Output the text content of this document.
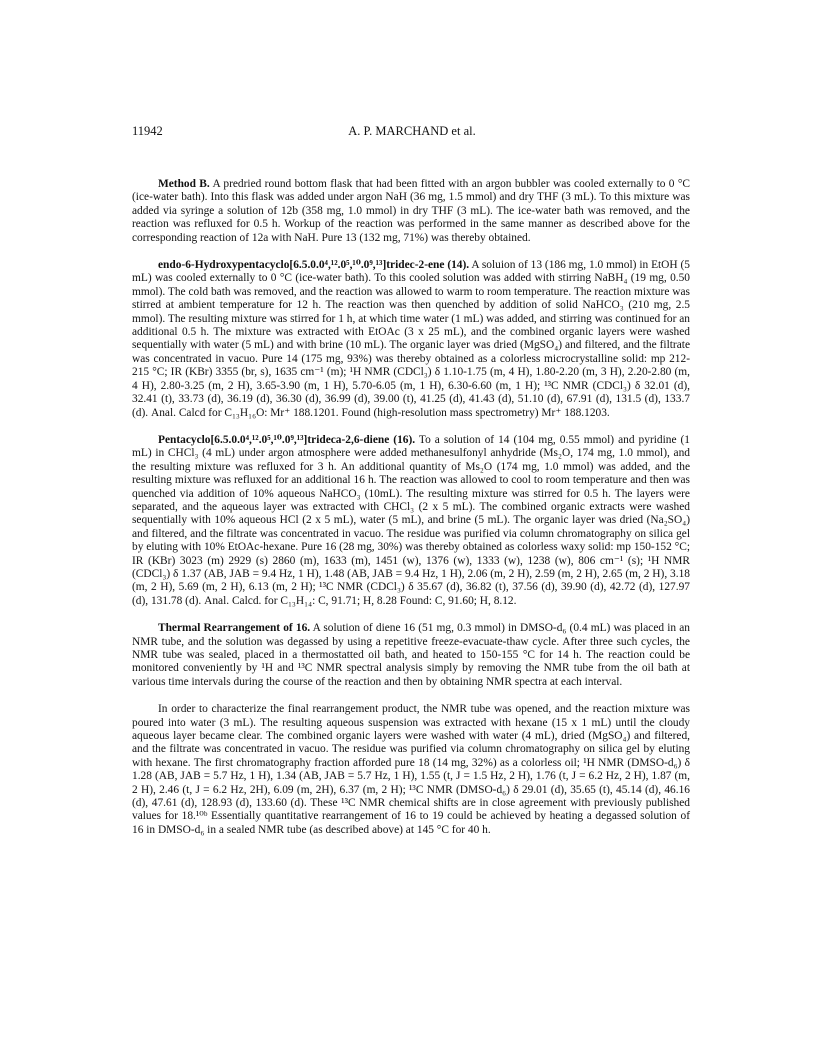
11942	A. P. MARCHAND et al.

Method B. A predried round bottom flask that had been fitted with an argon bubbler was cooled externally to 0 °C (ice-water bath). Into this flask was added under argon NaH (36 mg, 1.5 mmol) and dry THF (3 mL). To this mixture was added via syringe a solution of 12b (358 mg, 1.0 mmol) in dry THF (3 mL). The ice-water bath was removed, and the reaction was refluxed for 0.5 h. Workup of the reaction was performed in the same manner as described above for the corresponding reaction of 12a with NaH. Pure 13 (132 mg, 71%) was thereby obtained.

endo-6-Hydroxypentacyclo[6.5.0.0⁴,¹².0⁵,¹⁰.0⁹,¹³]tridec-2-ene (14). A soluion of 13 (186 mg, 1.0 mmol) in EtOH (5 mL) was cooled externally to 0 °C (ice-water bath). To this cooled solution was added with stirring NaBH₄ (19 mg, 0.50 mmol). The cold bath was removed, and the reaction was allowed to warm to room temperature. The reaction mixture was stirred at ambient temperature for 12 h. The reaction was then quenched by addition of solid NaHCO₃ (210 mg, 2.5 mmol). The resulting mixture was stirred for 1 h, at which time water (1 mL) was added, and stirring was continued for an additional 0.5 h. The mixture was extracted with EtOAc (3 x 25 mL), and the combined organic layers were washed sequentially with water (5 mL) and with brine (10 mL). The organic layer was dried (MgSO₄) and filtered, and the filtrate was concentrated in vacuo. Pure 14 (175 mg, 93%) was thereby obtained as a colorless microcrystalline solid: mp 212-215 °C; IR (KBr) 3355 (br, s), 1635 cm⁻¹ (m); ¹H NMR (CDCl₃) δ 1.10-1.75 (m, 4 H), 1.80-2.20 (m, 3 H), 2.20-2.80 (m, 4 H), 2.80-3.25 (m, 2 H), 3.65-3.90 (m, 1 H), 5.70-6.05 (m, 1 H), 6.30-6.60 (m, 1 H); ¹³C NMR (CDCl₃) δ 32.01 (d), 32.41 (t), 33.73 (d), 36.19 (d), 36.30 (d), 36.99 (d), 39.00 (t), 41.25 (d), 41.43 (d), 51.10 (d), 67.91 (d), 131.5 (d), 133.7 (d). Anal. Calcd for C₁₃H₁₆O: Mr⁺ 188.1201. Found (high-resolution mass spectrometry) Mr⁺ 188.1203.

Pentacyclo[6.5.0.0⁴,¹².0⁵,¹⁰.0⁹,¹³]trideca-2,6-diene (16). To a solution of 14 (104 mg, 0.55 mmol) and pyridine (1 mL) in CHCl₃ (4 mL) under argon atmosphere were added methanesulfonyl anhydride (Ms₂O, 174 mg, 1.0 mmol), and the resulting mixture was refluxed for 3 h. An additional quantity of Ms₂O (174 mg, 1.0 mmol) was added, and the resulting mixture was refluxed for an additional 16 h. The reaction was allowed to cool to room temperature and then was quenched via addition of 10% aqueous NaHCO₃ (10mL). The resulting mixture was stirred for 0.5 h. The layers were separated, and the aqueous layer was extracted with CHCl₃ (2 x 5 mL). The combined organic extracts were washed sequentially with 10% aqueous HCl (2 x 5 mL), water (5 mL), and brine (5 mL). The organic layer was dried (Na₂SO₄) and filtered, and the filtrate was concentrated in vacuo. The residue was purified via column chromatography on silica gel by eluting with 10% EtOAc-hexane. Pure 16 (28 mg, 30%) was thereby obtained as colorless waxy solid: mp 150-152 °C; IR (KBr) 3023 (m) 2929 (s) 2860 (m), 1633 (m), 1451 (w), 1376 (w), 1333 (w), 1238 (w), 806 cm⁻¹ (s); ¹H NMR (CDCl₃) δ 1.37 (AB, JAB = 9.4 Hz, 1 H), 1.48 (AB, JAB = 9.4 Hz, 1 H), 2.06 (m, 2 H), 2.59 (m, 2 H), 2.65 (m, 2 H), 3.18 (m, 2 H), 5.69 (m, 2 H), 6.13 (m, 2 H); ¹³C NMR (CDCl₃) δ 35.67 (d), 36.82 (t), 37.56 (d), 39.90 (d), 42.72 (d), 127.97 (d), 131.78 (d). Anal. Calcd. for C₁₃H₁₄: C, 91.71; H, 8.28 Found: C, 91.60; H, 8.12.

Thermal Rearrangement of 16. A solution of diene 16 (51 mg, 0.3 mmol) in DMSO-d₆ (0.4 mL) was placed in an NMR tube, and the solution was degassed by using a repetitive freeze-evacuate-thaw cycle. After three such cycles, the NMR tube was sealed, placed in a thermostatted oil bath, and heated to 150-155 °C for 14 h. The reaction could be monitored conveniently by ¹H and ¹³C NMR spectral analysis simply by removing the NMR tube from the oil bath at various time intervals during the course of the reaction and then by obtaining NMR spectra at each interval.

In order to characterize the final rearrangement product, the NMR tube was opened, and the reaction mixture was poured into water (3 mL). The resulting aqueous suspension was extracted with hexane (15 x 1 mL) until the cloudy aqueous layer became clear. The combined organic layers were washed with water (4 mL), dried (MgSO₄) and filtered, and the filtrate was concentrated in vacuo. The residue was purified via column chromatography on silica gel by eluting with hexane. The first chromatography fraction afforded pure 18 (14 mg, 32%) as a colorless oil; ¹H NMR (DMSO-d₆) δ 1.28 (AB, JAB = 5.7 Hz, 1 H), 1.34 (AB, JAB = 5.7 Hz, 1 H), 1.55 (t, J = 1.5 Hz, 2 H), 1.76 (t, J = 6.2 Hz, 2 H), 1.87 (m, 2 H), 2.46 (t, J = 6.2 Hz, 2H), 6.09 (m, 2H), 6.37 (m, 2 H); ¹³C NMR (DMSO-d₆) δ 29.01 (d), 35.65 (t), 45.14 (d), 46.16 (d), 47.61 (d), 128.93 (d), 133.60 (d). These ¹³C NMR chemical shifts are in close agreement with previously published values for 18.¹⁰ᵇ Essentially quantitative rearrangement of 16 to 19 could be achieved by heating a degassed solution of 16 in DMSO-d₆ in a sealed NMR tube (as described above) at 145 °C for 40 h.
